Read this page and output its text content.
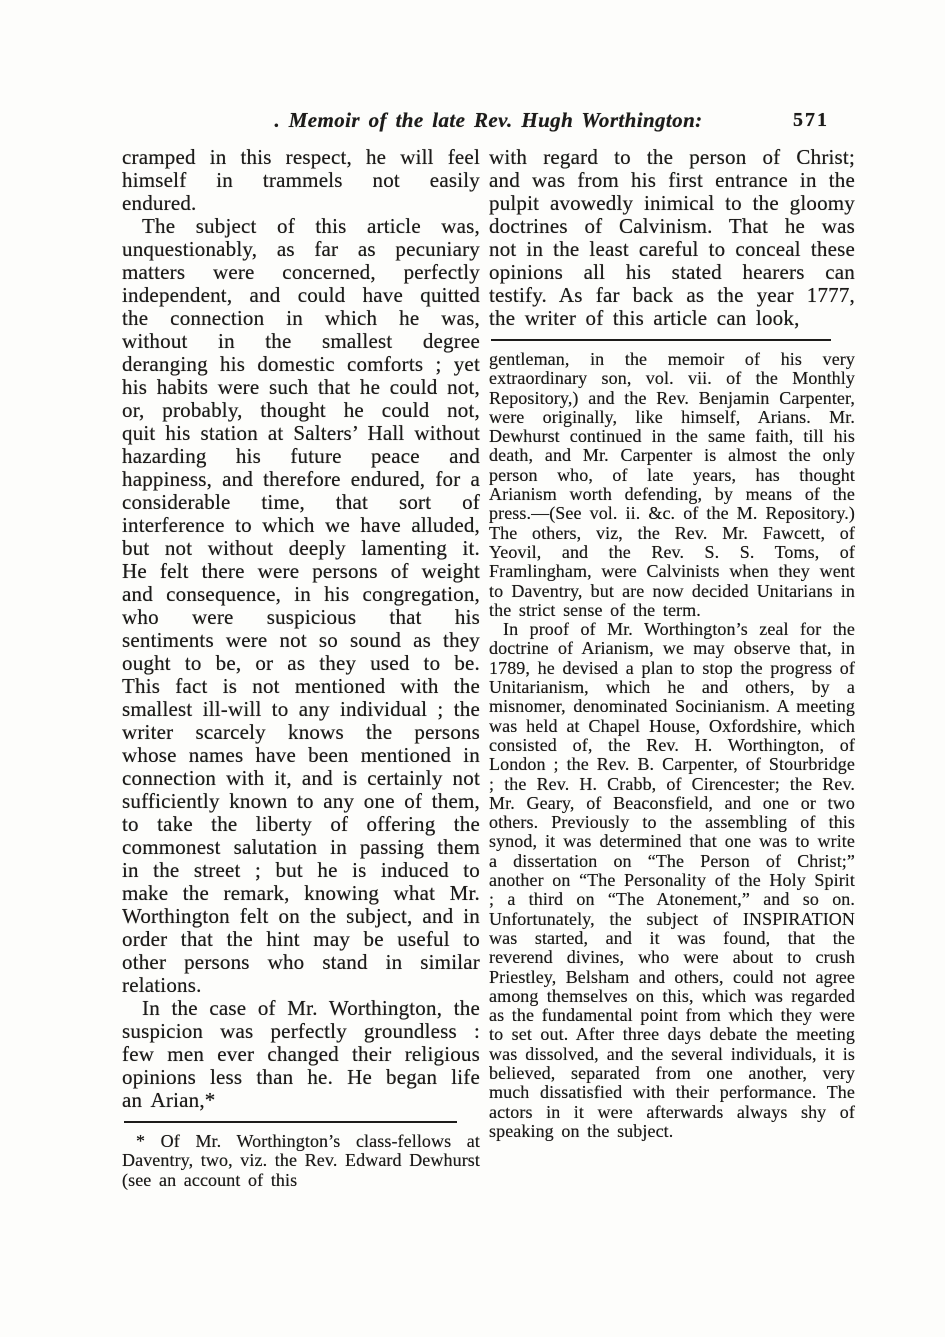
. Memoir of the late Rev. Hugh Worthington:	571

cramped in this respect, he will feel himself in trammels not easily endured.

The subject of this article was, unquestionably, as far as pecuniary matters were concerned, perfectly independent, and could have quitted the connection in which he was, without in the smallest degree deranging his domestic comforts ; yet his habits were such that he could not, or, probably, thought he could not, quit his station at Salters’ Hall without hazarding his future peace and happiness, and therefore endured, for a considerable time, that sort of interference to which we have alluded, but not without deeply lamenting it. He felt there were persons of weight and consequence, in his congregation, who were suspicious that his sentiments were not so sound as they ought to be, or as they used to be. This fact is not mentioned with the smallest ill-will to any individual ; the writer scarcely knows the persons whose names have been mentioned in connection with it, and is certainly not sufficiently known to any one of them, to take the liberty of offering the commonest salutation in passing them in the street ; but he is induced to make the remark, knowing what Mr. Worthington felt on the subject, and in order that the hint may be useful to other persons who stand in similar relations.

In the case of Mr. Worthington, the suspicion was perfectly groundless : few men ever changed their religious opinions less than he. He began life an Arian,*

* Of Mr. Worthington’s class-fellows at Daventry, two, viz. the Rev. Edward Dewhurst (see an account of this

with regard to the person of Christ; and was from his first entrance in the pulpit avowedly inimical to the gloomy doctrines of Calvinism. That he was not in the least careful to conceal these opinions all his stated hearers can testify. As far back as the year 1777, the writer of this article can look,

gentleman, in the memoir of his very extraordinary son, vol. vii. of the Monthly Repository,) and the Rev. Benjamin Carpenter, were originally, like himself, Arians. Mr. Dewhurst continued in the same faith, till his death, and Mr. Carpenter is almost the only person who, of late years, has thought Arianism worth defending, by means of the press.—(See vol. ii. &c. of the M. Repository.) The others, viz, the Rev. Mr. Fawcett, of Yeovil, and the Rev. S. S. Toms, of Framlingham, were Calvinists when they went to Daventry, but are now decided Unitarians in the strict sense of the term.

In proof of Mr. Worthington’s zeal for the doctrine of Arianism, we may observe that, in 1789, he devised a plan to stop the progress of Unitarianism, which he and others, by a misnomer, denominated Socinianism. A meeting was held at Chapel House, Oxfordshire, which consisted of, the Rev. H. Worthington, of London ; the Rev. B. Carpenter, of Stourbridge ; the Rev. H. Crabb, of Cirencester; the Rev. Mr. Geary, of Beaconsfield, and one or two others. Previously to the assembling of this synod, it was determined that one was to write a dissertation on “The Person of Christ;” another on “The Personality of the Holy Spirit ; a third on “The Atonement,” and so on. Unfortunately, the subject of INSPIRATION was started, and it was found, that the reverend divines, who were about to crush Priestley, Belsham and others, could not agree among themselves on this, which was regarded as the fundamental point from which they were to set out. After three days debate the meeting was dissolved, and the several individuals, it is believed, separated from one another, very much dissatisfied with their performance. The actors in it were afterwards always shy of speaking on the subject.
